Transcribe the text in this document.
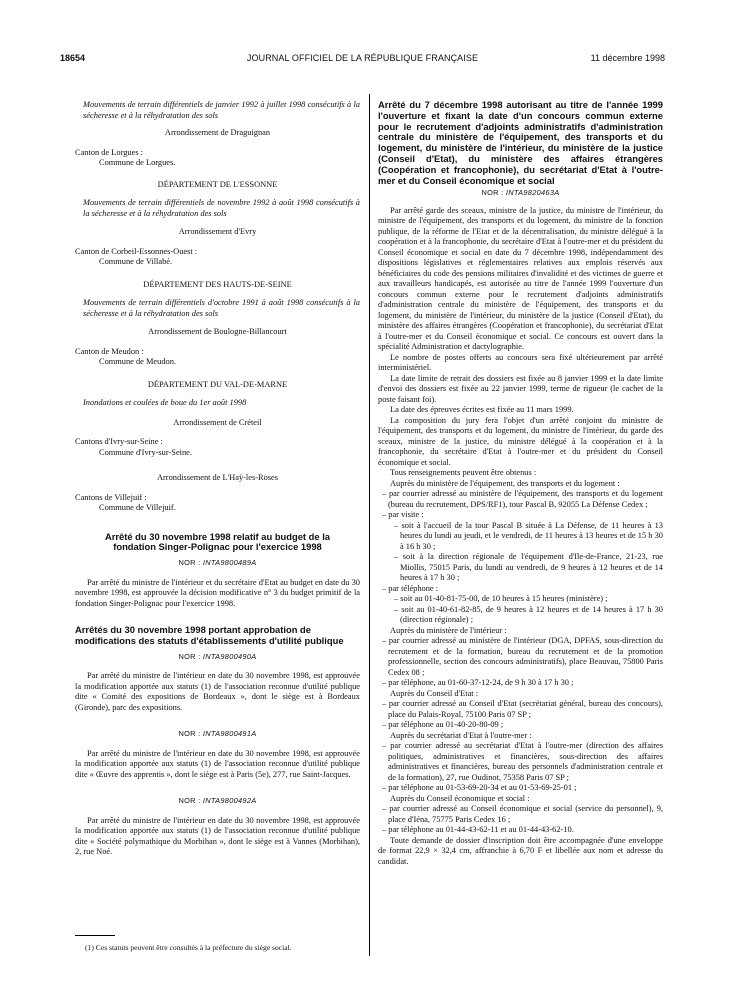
18654	JOURNAL OFFICIEL DE LA RÉPUBLIQUE FRANÇAISE	11 décembre 1998
Mouvements de terrain différentiels de janvier 1992 à juillet 1998 consécutifs à la sécheresse et à la réhydratation des sols
Arrondissement de Draguignan
Canton de Lorgues :
Commune de Lorgues.
DÉPARTEMENT DE L'ESSONNE
Mouvements de terrain différentiels de novembre 1992 à août 1998 consécutifs à la sécheresse et à la réhydratation des sols
Arrondissement d'Evry
Canton de Corbeil-Essonnes-Ouest :
Commune de Villabé.
DÉPARTEMENT DES HAUTS-DE-SEINE
Mouvements de terrain différentiels d'octobre 1991 à août 1998 consécutifs à la sécheresse et à la réhydratation des sols
Arrondissement de Boulogne-Billancourt
Canton de Meudon :
Commune de Meudon.
DÉPARTEMENT DU VAL-DE-MARNE
Inondations et coulées de boue du 1er août 1998
Arrondissement de Créteil
Cantons d'Ivry-sur-Seine :
Commune d'Ivry-sur-Seine.
Arrondissement de L'Haÿ-les-Roses
Cantons de Villejuif :
Commune de Villejuif.
Arrêté du 30 novembre 1998 relatif au budget de la fondation Singer-Polignac pour l'exercice 1998
NOR : INTA9800489A
Par arrêté du ministre de l'intérieur et du secrétaire d'Etat au budget en date du 30 novembre 1998, est approuvée la décision modificative n° 3 du budget primitif de la fondation Singer-Polignac pour l'exercice 1998.
Arrêtés du 30 novembre 1998 portant approbation de modifications des statuts d'établissements d'utilité publique
NOR : INTA9800490A
Par arrêté du ministre de l'intérieur en date du 30 novembre 1998, est approuvée la modification apportée aux statuts (1) de l'association reconnue d'utilité publique dite « Comité des expositions de Bordeaux », dont le siège est à Bordeaux (Gironde), parc des expositions.
NOR : INTA9800491A
Par arrêté du ministre de l'intérieur en date du 30 novembre 1998, est approuvée la modification apportée aux statuts (1) de l'association reconnue d'utilité publique dite « Œuvre des apprentis », dont le siège est à Paris (5e), 277, rue Saint-Jacques.
NOR : INTA9800492A
Par arrêté du ministre de l'intérieur en date du 30 novembre 1998, est approuvée la modification apportée aux statuts (1) de l'association reconnue d'utilité publique dite « Société polymathique du Morbihan », dont le siège est à Vannes (Morbihan), 2, rue Noé.
(1) Ces statuts peuvent être consultés à la préfecture du siège social.
Arrêté du 7 décembre 1998 autorisant au titre de l'année 1999 l'ouverture et fixant la date d'un concours commun externe pour le recrutement d'adjoints administratifs d'administration centrale du ministère de l'équipement, des transports et du logement, du ministère de l'intérieur, du ministère de la justice (Conseil d'Etat), du ministère des affaires étrangères (Coopération et francophonie), du secrétariat d'Etat à l'outre-mer et du Conseil économique et social
NOR : INTA9820463A
Par arrêté garde des sceaux, ministre de la justice, du ministre de l'intérieur, du ministre de l'équipement, des transports et du logement, du ministre de la fonction publique, de la réforme de l'Etat et de la décentralisation, du ministre délégué à la coopération et à la francophonie, du secrétaire d'Etat à l'outre-mer et du président du Conseil économique et social en date du 7 décembre 1998, indépendamment des dispositions législatives et réglementaires relatives aux emplois réservés aux bénéficiaires du code des pensions militaires d'invalidité et des victimes de guerre et aux travailleurs handicapés, est autorisée au titre de l'année 1999 l'ouverture d'un concours commun externe pour le recrutement d'adjoints administratifs d'administration centrale du ministère de l'équipement, des transports et du logement, du ministère de l'intérieur, du ministère de la justice (Conseil d'Etat), du ministère des affaires étrangères (Coopération et francophonie), du secrétariat d'Etat à l'outre-mer et du Conseil économique et social. Ce concours est ouvert dans la spécialité Administration et dactylographie.
Le nombre de postes offerts au concours sera fixé ultérieurement par arrêté interministériel.
La date limite de retrait des dossiers est fixée au 8 janvier 1999 et la date limite d'envoi des dossiers est fixée au 22 janvier 1999, terme de rigueur (le cachet de la poste faisant foi).
La date des épreuves écrites est fixée au 11 mars 1999.
La composition du jury fera l'objet d'un arrêté conjoint du ministre de l'équipement, des transports et du logement, du ministre de l'intérieur, du garde des sceaux, ministre de la justice, du ministre délégué à la coopération et à la francophonie, du secrétaire d'Etat à l'outre-mer et du président du Conseil économique et social.
Tous renseignements peuvent être obtenus :
Auprès du ministère de l'équipement, des transports et du logement :
– par courrier adressé au ministère de l'équipement, des transports et du logement (bureau du recrutement, DPS/RF1), tour Pascal B, 92055 La Défense Cedex ;
– par visite :
– soit à l'accueil de la tour Pascal B située à La Défense, de 11 heures à 13 heures du lundi au jeudi, et le vendredi, de 11 heures à 13 heures et de 15 h 30 à 16 h 30 ;
– soit à la direction régionale de l'équipement d'Ile-de-France, 21-23, rue Miollis, 75015 Paris, du lundi au vendredi, de 9 heures à 12 heures et de 14 heures à 17 h 30 ;
– par téléphone :
– soit au 01-40-81-75-00, de 10 heures à 15 heures (ministère) ;
– soit au 01-40-61-82-85, de 9 heures à 12 heures et de 14 heures à 17 h 30 (direction régionale) ;
Auprès du ministère de l'intérieur :
– par courrier adressé au ministère de l'intérieur (DGA, DPFAS, sous-direction du recrutement et de la formation, bureau du recrutement et de la promotion professionnelle, section des concours administratifs), place Beauvau, 75800 Paris Cedex 08 ;
– par téléphone, au 01-60-37-12-24, de 9 h 30 à 17 h 30 ;
Auprès du Conseil d'Etat :
– par courrier adressé au Conseil d'Etat (secrétariat général, bureau des concours), place du Palais-Royal, 75100 Paris 07 SP ;
– par téléphone au 01-40-20-80-09 ;
Auprès du secrétariat d'Etat à l'outre-mer :
– par courrier adressé au secrétariat d'Etat à l'outre-mer (direction des affaires politiques, administratives et financières, sous-direction des affaires administratives et financières, bureau des personnels d'administration centrale et de la formation), 27, rue Oudinot, 75358 Paris 07 SP ;
– par téléphone au 01-53-69-20-34 et au 01-53-69-25-01 ;
Auprès du Conseil économique et social :
– par courrier adressé au Conseil économique et social (service du personnel), 9, place d'Iéna, 75775 Paris Cedex 16 ;
– par téléphone au 01-44-43-62-11 et au 01-44-43-62-10.
Toute demande de dossier d'inscription doit être accompagnée d'une enveloppe de format 22,9 × 32,4 cm, affranchie à 6,70 F et libellée aux nom et adresse du candidat.
